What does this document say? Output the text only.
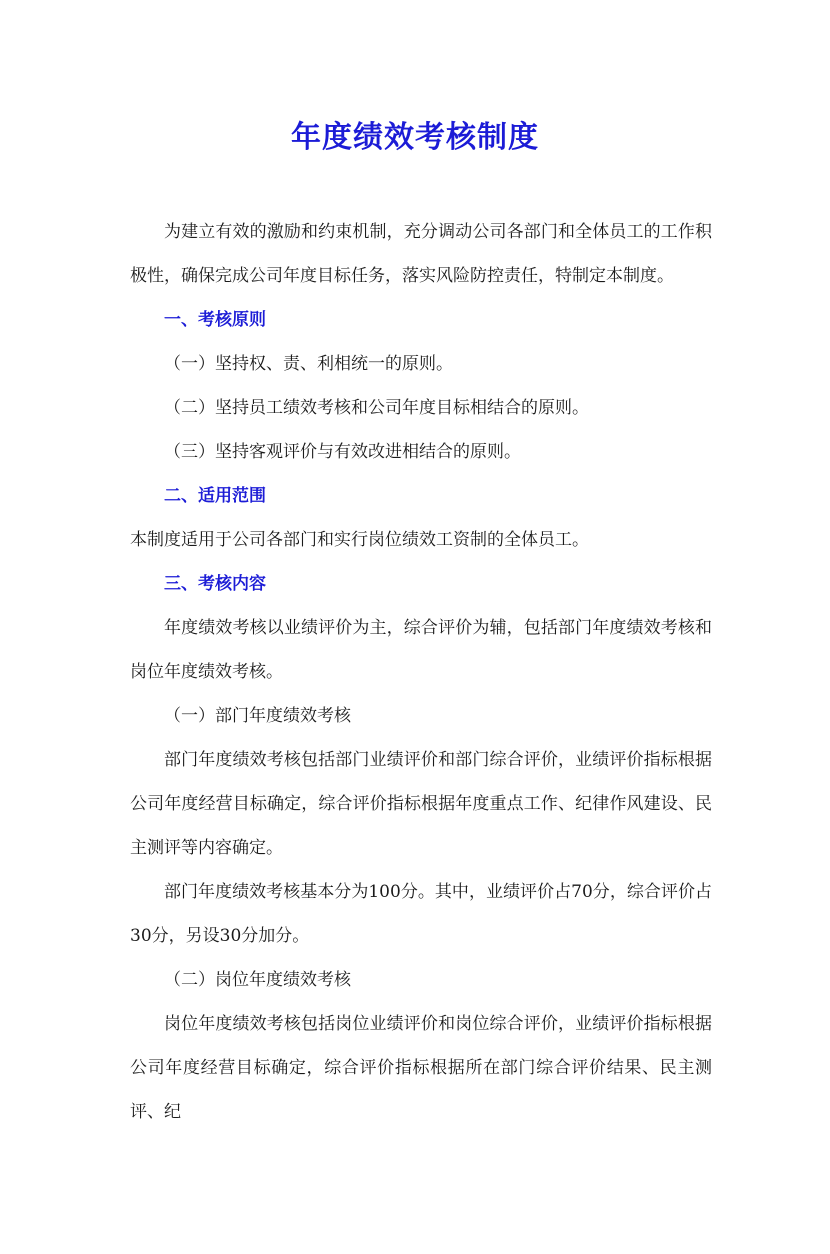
年度绩效考核制度

为建立有效的激励和约束机制，充分调动公司各部门和全体员工的工作积极性，确保完成公司年度目标任务，落实风险防控责任，特制定本制度。

一、考核原则

（一）坚持权、责、利相统一的原则。

（二）坚持员工绩效考核和公司年度目标相结合的原则。

（三）坚持客观评价与有效改进相结合的原则。

二、适用范围

本制度适用于公司各部门和实行岗位绩效工资制的全体员工。

三、考核内容

年度绩效考核以业绩评价为主，综合评价为辅，包括部门年度绩效考核和岗位年度绩效考核。

（一）部门年度绩效考核

部门年度绩效考核包括部门业绩评价和部门综合评价，业绩评价指标根据公司年度经营目标确定，综合评价指标根据年度重点工作、纪律作风建设、民主测评等内容确定。

部门年度绩效考核基本分为100分。其中，业绩评价占70分，综合评价占30分，另设30分加分。

（二）岗位年度绩效考核

岗位年度绩效考核包括岗位业绩评价和岗位综合评价，业绩评价指标根据公司年度经营目标确定，综合评价指标根据所在部门综合评价结果、民主测评、纪
